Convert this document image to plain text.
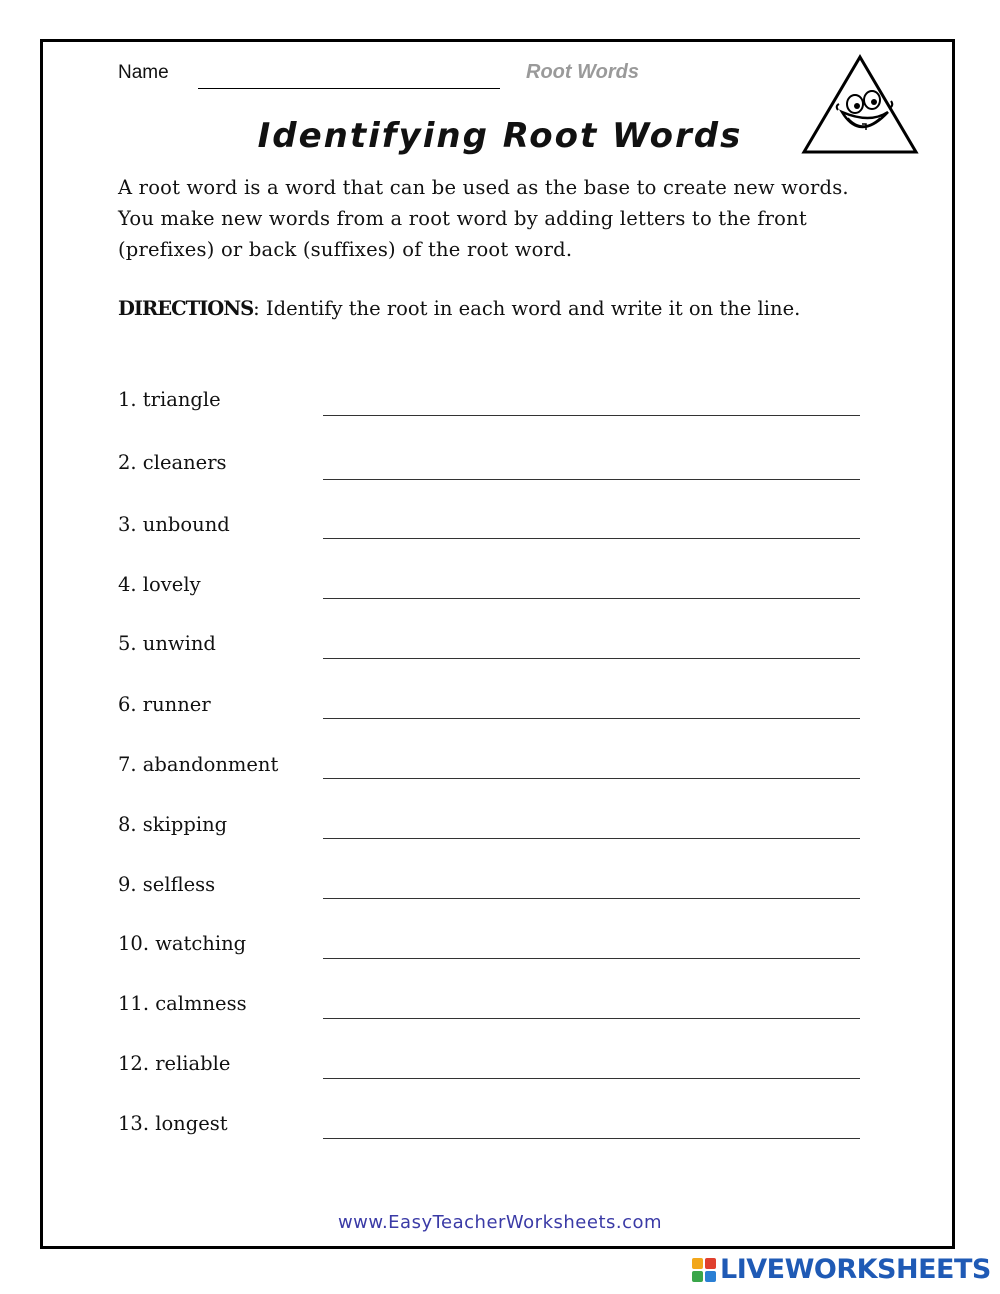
Name	Root Words
Identifying Root Words
A root word is a word that can be used as the base to create new words. You make new words from a root word by adding letters to the front (prefixes) or back (suffixes) of the root word.
DIRECTIONS: Identify the root in each word and write it on the line.
1. triangle
2. cleaners
3. unbound
4. lovely
5. unwind
6. runner
7. abandonment
8. skipping
9. selfless
10. watching
11. calmness
12. reliable
13. longest
www.EasyTeacherWorksheets.com
LIVEWORKSHEETS
